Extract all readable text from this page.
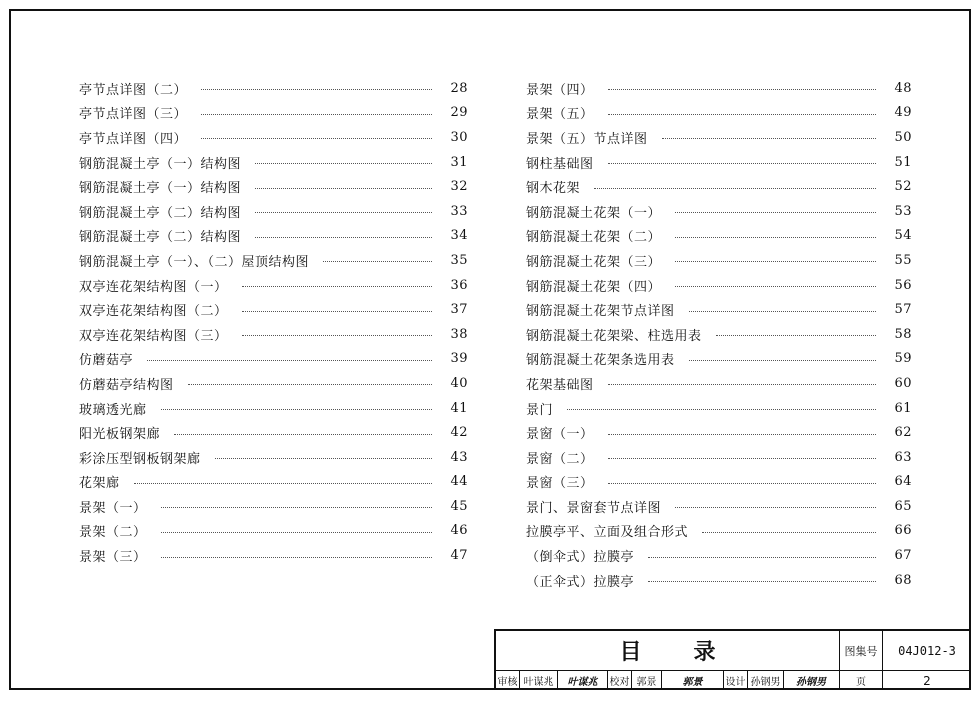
亭节点详图（二）	28
亭节点详图（三）	29
亭节点详图（四）	30
钢筋混凝土亭（一）结构图	31
钢筋混凝土亭（一）结构图	32
钢筋混凝土亭（二）结构图	33
钢筋混凝土亭（二）结构图	34
钢筋混凝土亭（一）、（二）屋顶结构图	35
双亭连花架结构图（一）	36
双亭连花架结构图（二）	37
双亭连花架结构图（三）	38
仿蘑菇亭	39
仿蘑菇亭结构图	40
玻璃透光廊	41
阳光板钢架廊	42
彩涂压型钢板钢架廊	43
花架廊	44
景架（一）	45
景架（二）	46
景架（三）	47
景架（四）	48
景架（五）	49
景架（五）节点详图	50
钢柱基础图	51
钢木花架	52
钢筋混凝土花架（一）	53
钢筋混凝土花架（二）	54
钢筋混凝土花架（三）	55
钢筋混凝土花架（四）	56
钢筋混凝土花架节点详图	57
钢筋混凝土花架梁、柱选用表	58
钢筋混凝土花架条选用表	59
花架基础图	60
景门	61
景窗（一）	62
景窗（二）	63
景窗（三）	64
景门、景窗套节点详图	65
拉膜亭平、立面及组合形式	66
（倒伞式）拉膜亭	67
（正伞式）拉膜亭	68
目录	图集号	04J012-3
审核 叶谋兆	叶谋兆	校对 郭景	郭景	设计 孙钢男	孙钢男	页	2
